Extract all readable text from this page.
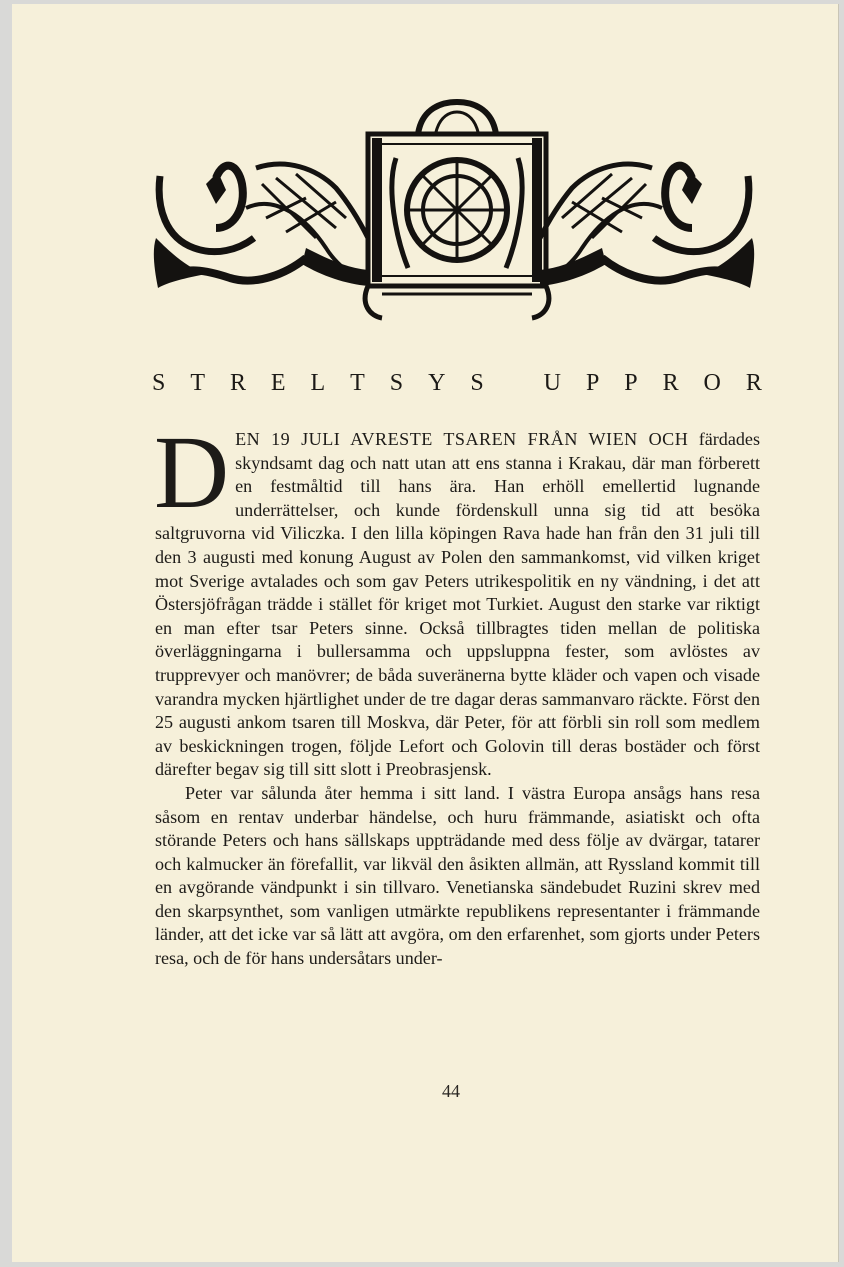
S T R E L T S Y S
U P P R O R

D EN 19 JULI AVRESTE TSAREN FRÅN WIEN OCH färdades skyndsamt dag och natt utan att ens stanna i Krakau, där man förberett en festmåltid till hans ära. Han erhöll emellertid lugnande underrättelser, och kunde fördenskull unna sig tid att besöka saltgruvorna vid Viliczka. I den lilla köpingen Rava hade han från den 31 juli till den 3 augusti med konung August av Polen den sammankomst, vid vilken kriget mot Sverige avtalades och som gav Peters utrikespolitik en ny vändning, i det att Östersjöfrågan trädde i stället för kriget mot Turkiet. August den starke var riktigt en man efter tsar Peters sinne. Också tillbragtes tiden mellan de politiska överläggningarna i bullersamma och uppsluppna fester, som avlöstes av trupprevyer och manövrer; de båda suveränerna bytte kläder och vapen och visade varandra mycken hjärtlighet under de tre dagar deras sammanvaro räckte. Först den 25 augusti ankom tsaren till Moskva, där Peter, för att förbli sin roll som medlem av beskickningen trogen, följde Lefort och Golovin till deras bostäder och först därefter begav sig till sitt slott i Preobrasjensk.

Peter var sålunda åter hemma i sitt land. I västra Europa ansågs hans resa såsom en rentav underbar händelse, och huru främmande, asiatiskt och ofta störande Peters och hans sällskaps uppträdande med dess följe av dvärgar, tatarer och kalmucker än förefallit, var likväl den åsikten allmän, att Ryssland kommit till en avgörande vändpunkt i sin tillvaro. Venetianska sändebudet Ruzini skrev med den skarpsynthet, som vanligen utmärkte republikens representanter i främmande länder, att det icke var så lätt att avgöra, om den erfarenhet, som gjorts under Peters resa, och de för hans undersåtars under-

44
